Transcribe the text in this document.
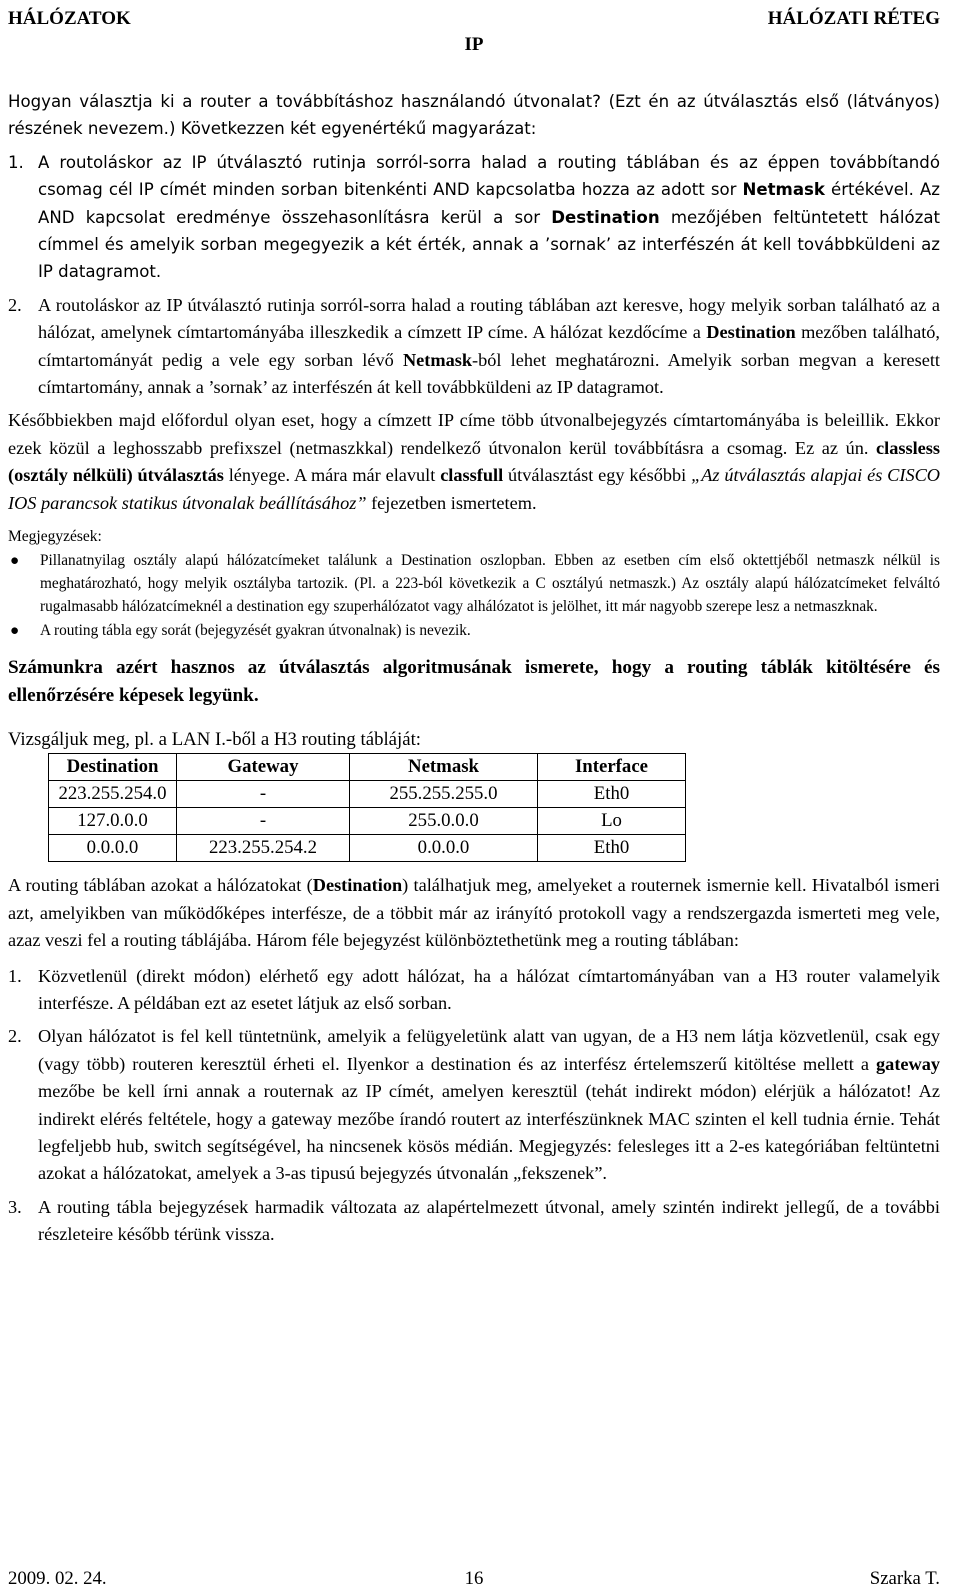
HÁLÓZATOK
IP
HÁLÓZATI RÉTEG

Hogyan választja ki a router a továbbításhoz használandó útvonalat? (Ezt én az útválasztás első (látványos) részének nevezem.) Következzen két egyenértékű magyarázat:

1. A routoláskor az IP útválasztó rutinja sorról-sorra halad a routing táblában és az éppen továbbítandó csomag cél IP címét minden sorban bitenkénti AND kapcsolatba hozza az adott sor Netmask értékével. Az AND kapcsolat eredménye összehasonlításra kerül a sor Destination mezőjében feltüntetett hálózat címmel és amelyik sorban megegyezik a két érték, annak a ’sornak’ az interfészén át kell továbbküldeni az IP datagramot.
2. A routoláskor az IP útválasztó rutinja sorról-sorra halad a routing táblában azt keresve, hogy melyik sorban található az a hálózat, amelynek címtartományába illeszkedik a címzett IP címe. A hálózat kezdőcíme a Destination mezőben található, címtartományát pedig a vele egy sorban lévő Netmask-ból lehet meghatározni. Amelyik sorban megvan a keresett címtartomány, annak a ’sornak’ az interfészén át kell továbbküldeni az IP datagramot.

Későbbiekben majd előfordul olyan eset, hogy a címzett IP címe több útvonalbejegyzés címtartományába is beleillik. Ekkor ezek közül a leghosszabb prefixszel (netmaszkkal) rendelkező útvonalon kerül továbbításra a csomag. Ez az ún. classless (osztály nélküli) útválasztás lényege. A mára már elavult classfull útválasztást egy későbbi „Az útválasztás alapjai és CISCO IOS parancsok statikus útvonalak beállításához” fejezetben ismertetem.

Megjegyzések:

●	Pillanatnyilag osztály alapú hálózatcímeket találunk a Destination oszlopban. Ebben az esetben cím első oktettjéből netmaszk nélkül is meghatározható, hogy melyik osztályba tartozik. (Pl. a 223-ból következik a C osztályú netmaszk.) Az osztály alapú hálózatcímeket felváltó rugalmasabb hálózatcímeknél a destination egy szuperhálózatot vagy alhálózatot is jelölhet, itt már nagyobb szerepe lesz a netmaszknak.
●	A routing tábla egy sorát (bejegyzését gyakran útvonalnak) is nevezik.

Számunkra azért hasznos az útválasztás algoritmusának ismerete, hogy a routing táblák kitöltésére és ellenőrzésére képesek legyünk.

Vizsgáljuk meg, pl. a LAN I.-ből a H3 routing tábláját:

Destination	Gateway	Netmask	Interface
223.255.254.0	-	255.255.255.0	Eth0
127.0.0.0	-	255.0.0.0	Lo
0.0.0.0	223.255.254.2	0.0.0.0	Eth0

A routing táblában azokat a hálózatokat (Destination) találhatjuk meg, amelyeket a routernek ismernie kell. Hivatalból ismeri azt, amelyikben van működőképes interfésze, de a többit már az irányító protokoll vagy a rendszergazda ismerteti meg vele, azaz veszi fel a routing táblájába. Három féle bejegyzést különböztethetünk meg a routing táblában:

1. Közvetlenül (direkt módon) elérhető egy adott hálózat, ha a hálózat címtartományában van a H3 router valamelyik interfésze. A példában ezt az esetet látjuk az első sorban.
2. Olyan hálózatot is fel kell tüntetnünk, amelyik a felügyeletünk alatt van ugyan, de a H3 nem látja közvetlenül, csak egy (vagy több) routeren keresztül érheti el. Ilyenkor a destination és az interfész értelemszerű kitöltése mellett a gateway mezőbe be kell írni annak a routernak az IP címét, amelyen keresztül (tehát indirekt módon) elérjük a hálózatot! Az indirekt elérés feltétele, hogy a gateway mezőbe írandó routert az interfészünknek MAC szinten el kell tudnia érnie. Tehát legfeljebb hub, switch segítségével, ha nincsenek kösös médián. Megjegyzés: felesleges itt a 2-es kategóriában feltüntetni azokat a hálózatokat, amelyek a 3-as tipusú bejegyzés útvonalán „fekszenek”.
3. A routing tábla bejegyzések harmadik változata az alapértelmezett útvonal, amely szintén indirekt jellegű, de a további részleteire később térünk vissza.
2009. 02. 24.	16	Szarka T.
